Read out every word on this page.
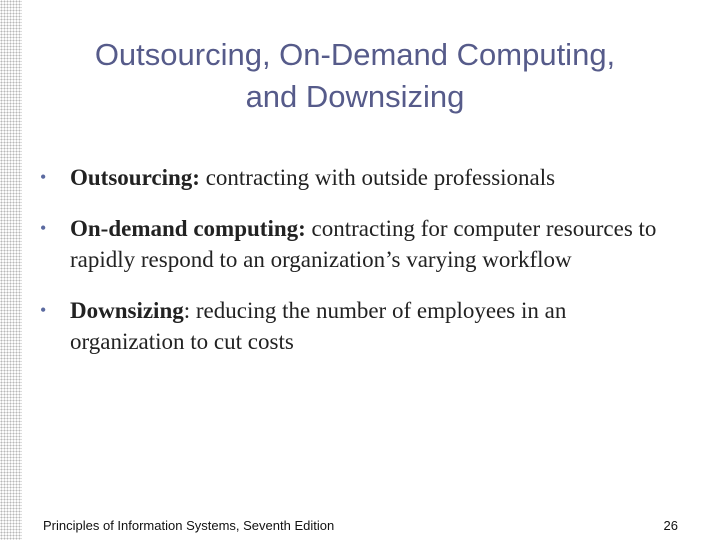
Outsourcing, On-Demand Computing,
and Downsizing
• Outsourcing: contracting with outside professionals
• On-demand computing: contracting for computer resources to rapidly respond to an organization’s varying workflow
• Downsizing: reducing the number of employees in an organization to cut costs
Principles of Information Systems, Seventh Edition	26
